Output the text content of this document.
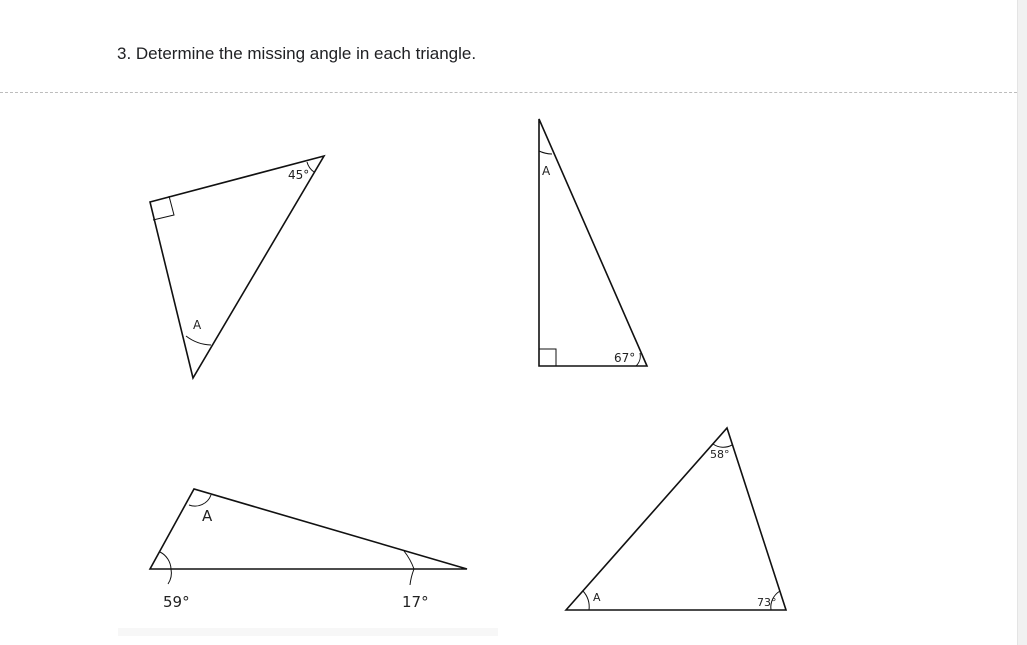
3. Determine the missing angle in each triangle.
45°
A
A
67°
A
59°	17°	A
58°
73°
